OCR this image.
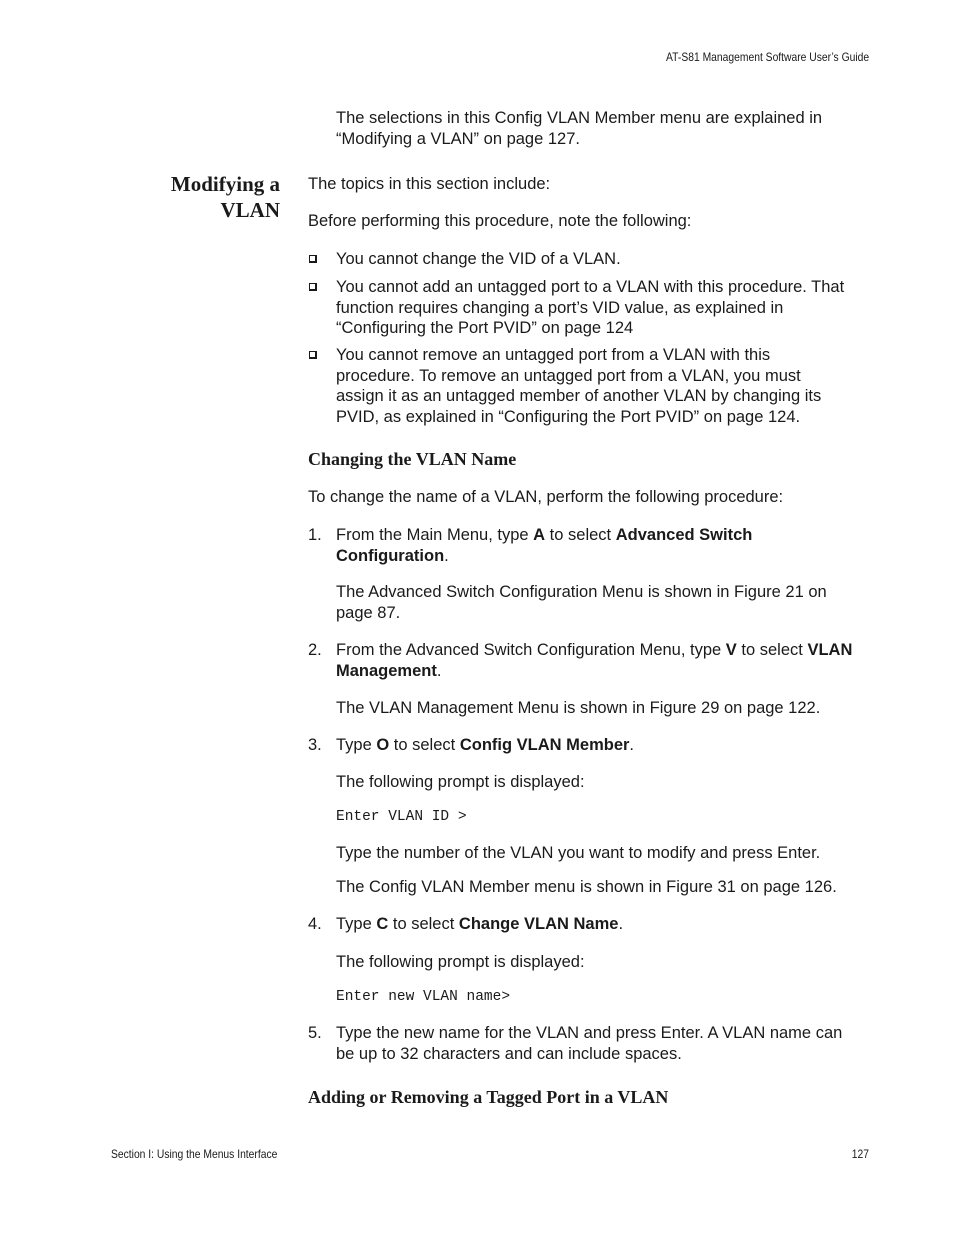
AT-S81 Management Software User’s Guide
The selections in this Config VLAN Member menu are explained in
“Modifying a VLAN” on page 127.
Modifying a
VLAN
The topics in this section include:
Before performing this procedure, note the following:
You cannot change the VID of a VLAN.
You cannot add an untagged port to a VLAN with this procedure. That
function requires changing a port’s VID value, as explained in
“Configuring the Port PVID” on page 124
You cannot remove an untagged port from a VLAN with this
procedure. To remove an untagged port from a VLAN, you must
assign it as an untagged member of another VLAN by changing its
PVID, as explained in “Configuring the Port PVID” on page 124.
Changing the VLAN Name
To change the name of a VLAN, perform the following procedure:
1. From the Main Menu, type A to select Advanced Switch
Configuration.
The Advanced Switch Configuration Menu is shown in Figure 21 on
page 87.
2. From the Advanced Switch Configuration Menu, type V to select VLAN
Management.
The VLAN Management Menu is shown in Figure 29 on page 122.
3. Type O to select Config VLAN Member.
The following prompt is displayed:
Enter VLAN ID >
Type the number of the VLAN you want to modify and press Enter.
The Config VLAN Member menu is shown in Figure 31 on page 126.
4. Type C to select Change VLAN Name.
The following prompt is displayed:
Enter new VLAN name>
5. Type the new name for the VLAN and press Enter. A VLAN name can
be up to 32 characters and can include spaces.
Adding or Removing a Tagged Port in a VLAN
Section I: Using the Menus Interface	127
